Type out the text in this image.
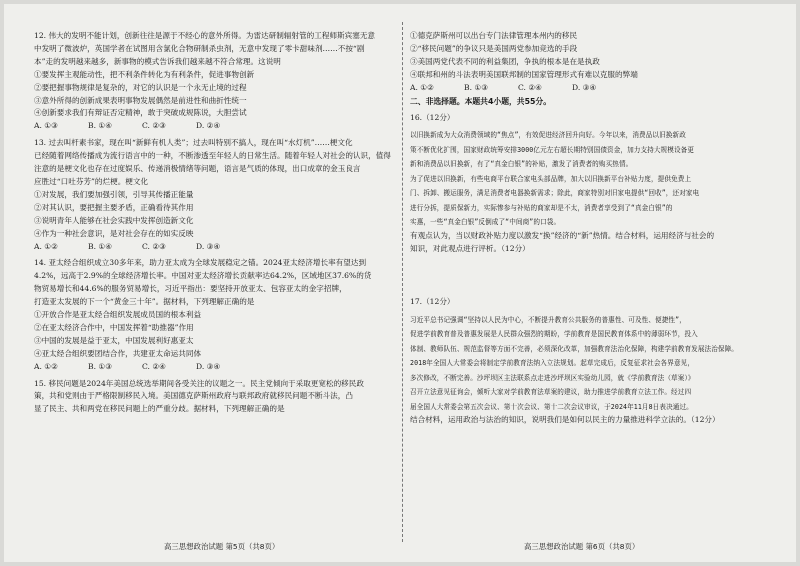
12. 伟大的发明不能计划，创新往往是源于不经心的意外所得。为雷达研制辐射管的工程师斯宾塞无意

中发明了微波炉，英国学者在试图用含氯化合物研制杀虫剂，无意中发现了零卡甜味剂……不按“剧

本”走的发明越来越多，新事物的模式告诉我们越来越不符合常理。这说明

①要发挥主观能动性，把不利条件转化为有利条件，促进事物创新

②要把握事物规律是复杂的，对它的认识是一个永无止境的过程

③意外所得的创新成果表明事物发展偶然是前进性和曲折性统一

④创新要求我们有辩证否定精神，敢于突破成规陈说，大胆尝试

A. ①③	B. ①④	C. ②③	D. ②④

13. 过去叫杆素书家，现在叫“新鲜有机人类”；过去叫特别不搞人，现在叫“水灯机”……梗文化

已经随着网络传播成为流行语言中的一种，不断渗透至年轻人的日常生活。随着年轻人对社会的认识，值得

注意的是梗文化也存在过度娱乐、传递消极情绪等问题，语言是气质的体现，出口成章的金玉良言

应胜过“口吐芬芳”的烂梗。梗文化

①对发展，我们要加强引领，引导其传播正能量

②对其认识，要把握主要矛盾，正确看待其作用

③说明青年人能够在社会实践中发挥创造新文化

④作为一种社会意识，是对社会存在的如实反映

A. ①②	B. ①④	C. ②③	D. ③④

14. 亚太经合组织成立30多年来，助力亚太成为全球发展稳定之锚。2024亚太经济增长率有望达到

4.2%，远高于2.9%的全球经济增长率。中国对亚太经济增长贡献率达64.2%，区域地区37.6%的货

物贸易增长和44.6%的服务贸易增长，习近平指出：要坚持开放亚太、包容亚太的金字招牌，

打造亚太发展的下一个“黄金三十年”。据材料，下列理解正确的是

①开放合作是亚太经合组织发展成员国的根本利益

②在亚太经济合作中，中国发挥着“助推器”作用

③中国的发展是益于亚太，中国发展利好惠亚太

④亚太经合组织要团结合作，共建亚太命运共同体

A. ①②	B. ①③	C. ②④	D. ③④

15. 移民问题是2024年美国总统选举期间各受关注的议题之一。民主党倾向于采取更宽松的移民政

策，共和党则由于严格限制移民入境。美国德克萨斯州政府与联邦政府就移民问题不断斗法，凸

显了民主、共和两党在移民问题上的严重分歧。据材料，下列理解正确的是

①德克萨斯州可以出台专门法律管理本州内的移民

②“移民问题”的争议只是美国两党参加竞选的手段

③美国两党代表不同的利益集团，争执的根本是在是执政

④联邦和州的斗法表明美国联邦制的国家管理形式有难以克服的弊端

A. ①②	B. ①③	C. ②④	D. ③④

二、非选择题。本题共4小题，共55分。

16.（12分）

以旧换新成为大众消费领域的“焦点”，有效促进经济回升向好。今年以来，消费品以旧换新政

策不断优化扩围，国家财政统筹安排3000亿元左右超长期特别国债资金，加力支持大规模设备更

新和消费品以旧换新，有了“真金白银”的补贴，激发了消费者的购买热情。

为了促进以旧换新，有些电商平台联合家电头部品牌，加大以旧换新平台补贴力度，提供免费上

门、拆卸、搬运服务，满足消费者电器换新需求；除此，商家特别对旧家电提供“回收”，还对家电

进行分拆，提质保新力，实际惨参与补贴的商家却是不太，消费者享受到了“真金白银”的

实惠，一些“真金白银”反倒成了“中间商”的口袋。

有观点认为，当以财政补贴力度以激发“换”经济的“新”热情。结合材料，运用经济与社会的

知识，对此观点进行评析。（12分）

17.（12分）

习近平总书记强调“坚持以人民为中心，不断提升教育公共服务的普惠性、可及性、便捷性”，

促进学前教育普及普惠发展是人民群众强烈的期盼，学前教育是国民教育体系中的薄弱环节，投入

体制、教师队伍、规范监督等方面不完善，必须深化改革，加强教育法治化保障，构建学前教育发展法治保障。

2018年全国人大常委会将制定学前教育法纳入立法规划。起草完成后，反复征求社会各界意见，

多次修改，不断完善。沙坪坝区主法联系点走进沙坪坝区实验幼儿园，就《学前教育法（草案）》

召开立法意见征询会，倾听大家对学前教育法草案的建议，助力推进学前教育立法工作。经过四

届全国人大常委会第五次会议、第十次会议、第十二次会议审议，于2024年11月8日表决通过。

结合材料，运用政治与法治的知识，说明我们是如何以民主的力量推进科学立法的。（12分）

高三思想政治试题 第5页（共8页）	高三思想政治试题 第6页（共8页）
